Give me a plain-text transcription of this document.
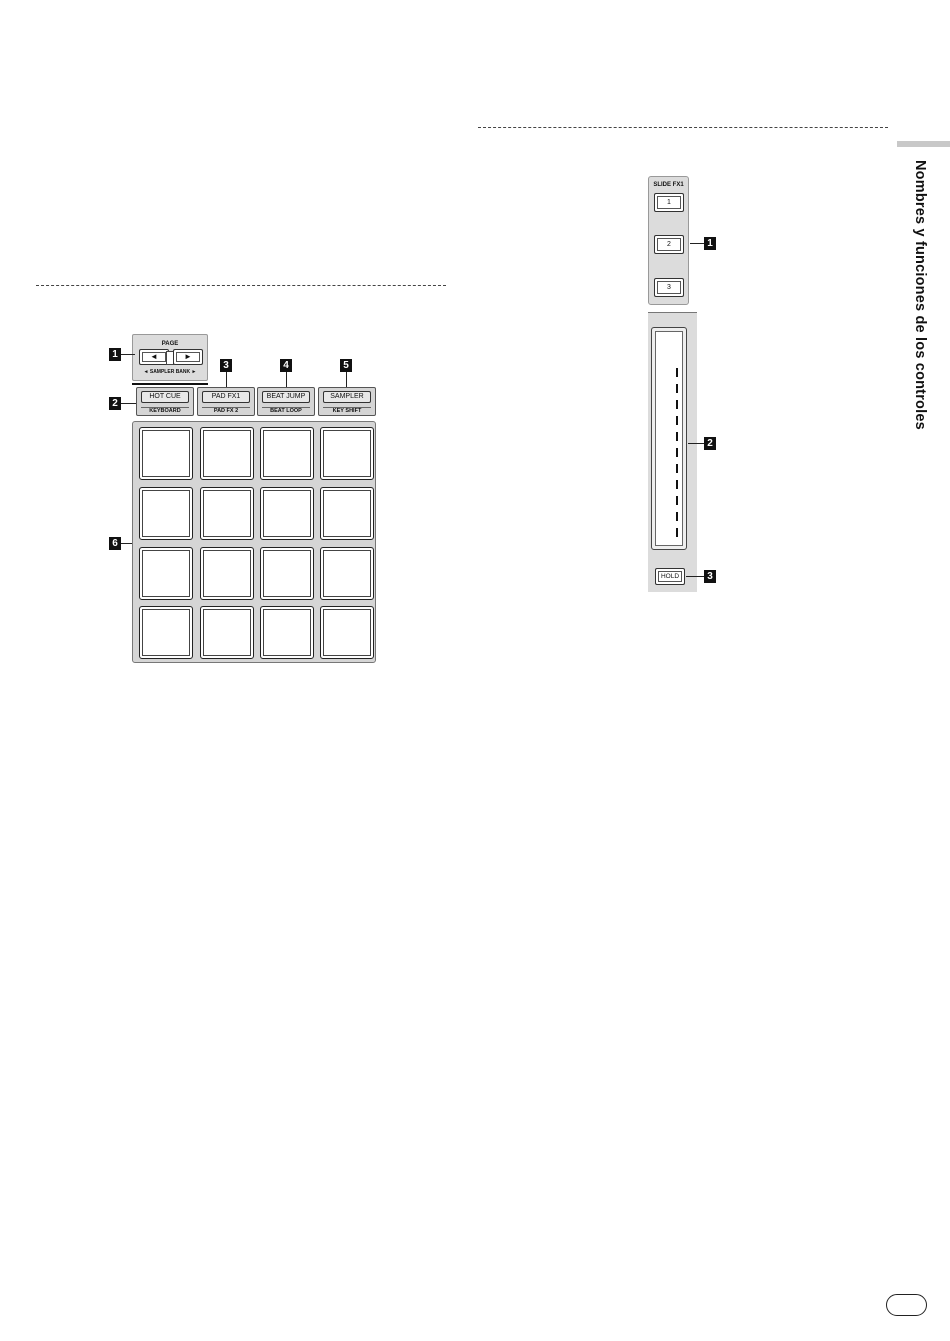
Nombres y funciones de los controles
PAGE
◄	►
◄ SAMPLER BANK ►
HOT CUE
KEYBOARD
PAD FX1
PAD FX 2
BEAT JUMP
BEAT LOOP
SAMPLER
KEY SHIFT
1
2
3	4	5
6
SLIDE FX1
1
2
3
HOLD
1
2
3
